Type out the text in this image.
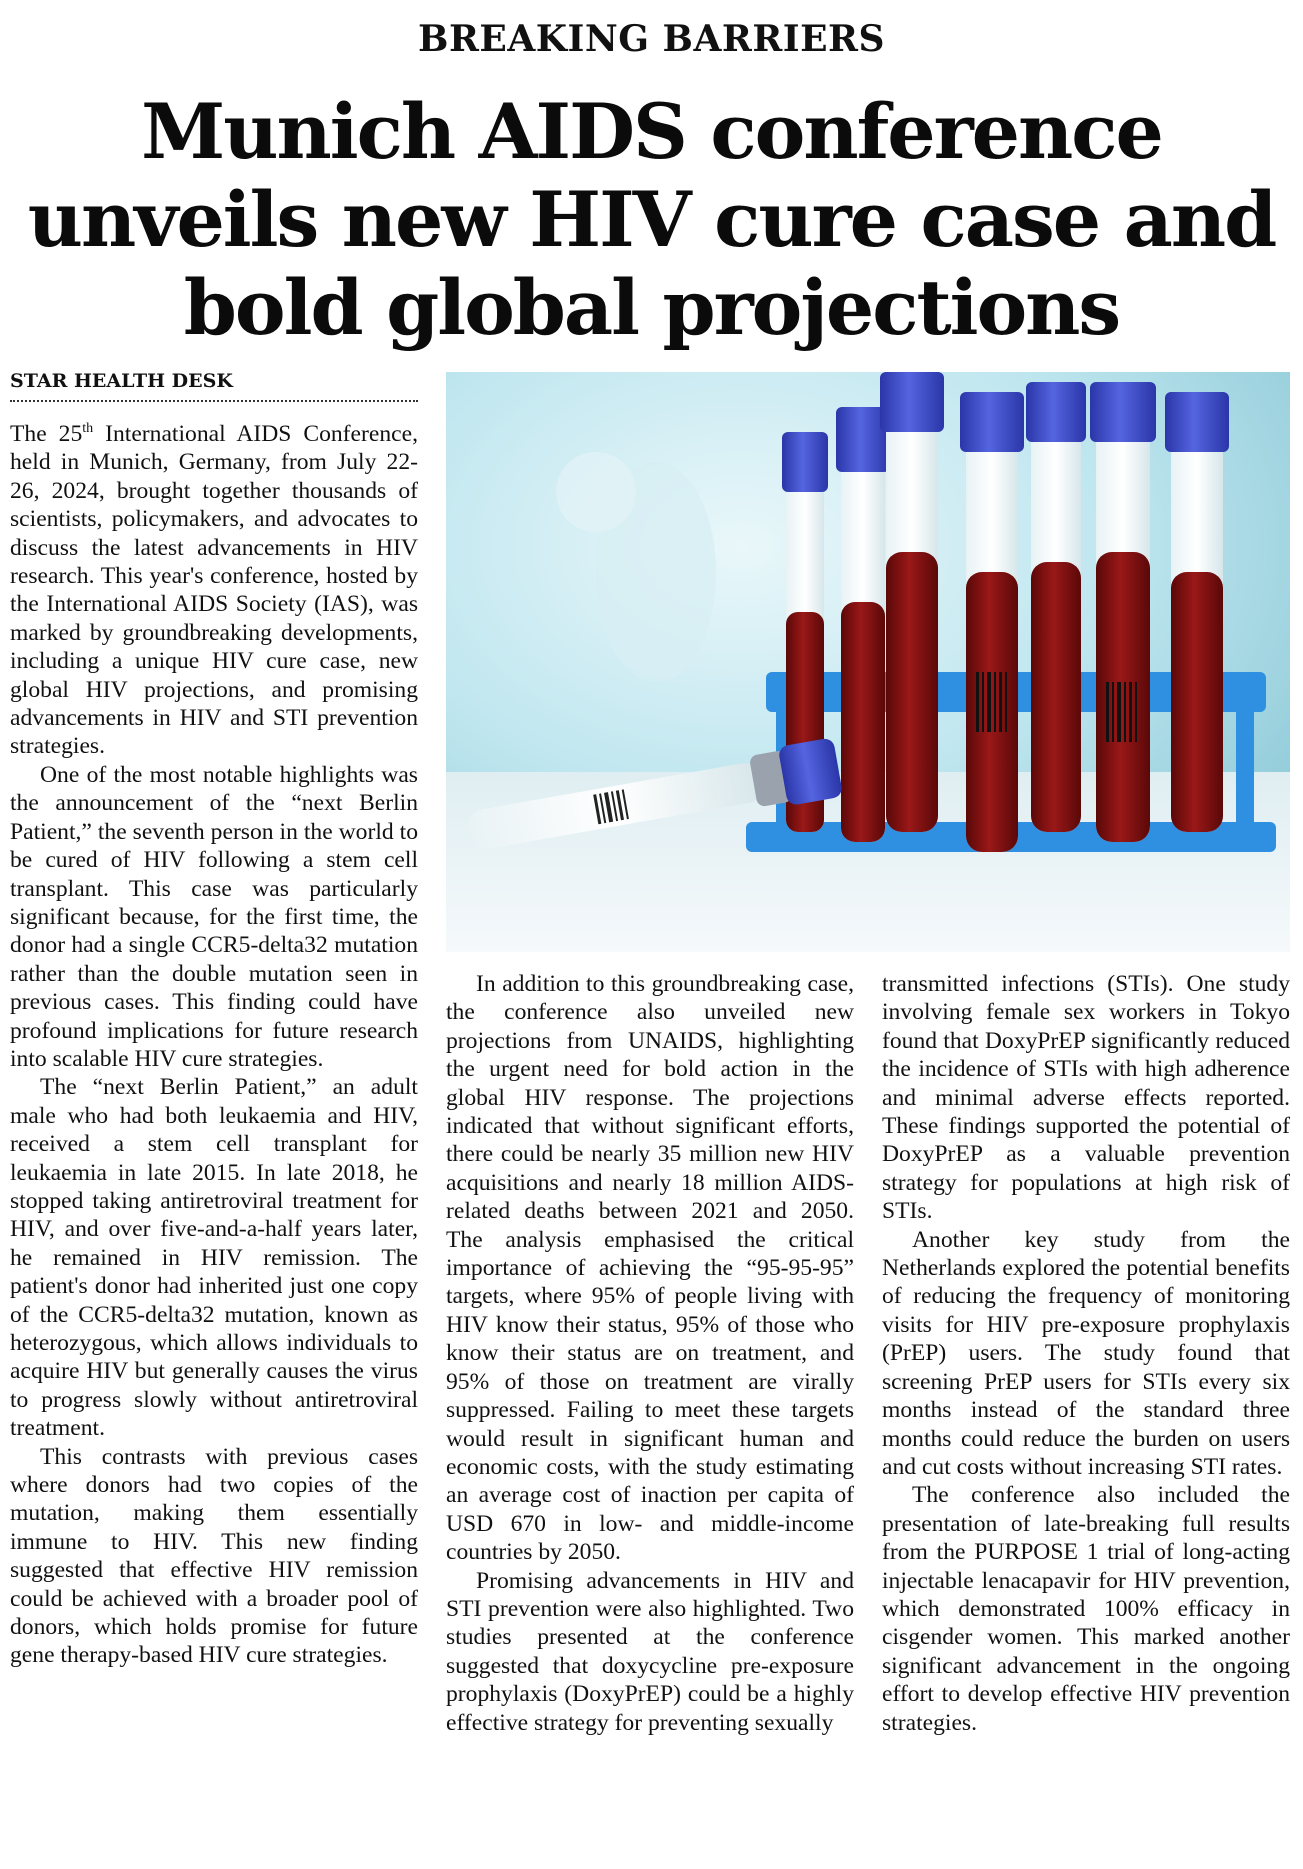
BREAKING BARRIERS
Munich AIDS conference unveils new HIV cure case and bold global projections
STAR HEALTH DESK

The 25th International AIDS Conference, held in Munich, Germany, from July 22-26, 2024, brought together thousands of scientists, policymakers, and advocates to discuss the latest advancements in HIV research. This year's conference, hosted by the International AIDS Society (IAS), was marked by groundbreaking developments, including a unique HIV cure case, new global HIV projections, and promising advancements in HIV and STI prevention strategies.

One of the most notable highlights was the announcement of the “next Berlin Patient,” the seventh person in the world to be cured of HIV following a stem cell transplant. This case was particularly significant because, for the first time, the donor had a single CCR5-delta32 mutation rather than the double mutation seen in previous cases. This finding could have profound implications for future research into scalable HIV cure strategies.

The “next Berlin Patient,” an adult male who had both leukaemia and HIV, received a stem cell transplant for leukaemia in late 2015. In late 2018, he stopped taking antiretroviral treatment for HIV, and over five-and-a-half years later, he remained in HIV remission. The patient's donor had inherited just one copy of the CCR5-delta32 mutation, known as heterozygous, which allows individuals to acquire HIV but generally causes the virus to progress slowly without antiretroviral treatment.

This contrasts with previous cases where donors had two copies of the mutation, making them essentially immune to HIV. This new finding suggested that effective HIV remission could be achieved with a broader pool of donors, which holds promise for future gene therapy-based HIV cure strategies.

In addition to this groundbreaking case, the conference also unveiled new projections from UNAIDS, highlighting the urgent need for bold action in the global HIV response. The projections indicated that without significant efforts, there could be nearly 35 million new HIV acquisitions and nearly 18 million AIDS-related deaths between 2021 and 2050. The analysis emphasised the critical importance of achieving the “95-95-95” targets, where 95% of people living with HIV know their status, 95% of those who know their status are on treatment, and 95% of those on treatment are virally suppressed. Failing to meet these targets would result in significant human and economic costs, with the study estimating an average cost of inaction per capita of USD 670 in low- and middle-income countries by 2050.

Promising advancements in HIV and STI prevention were also highlighted. Two studies presented at the conference suggested that doxycycline pre-exposure prophylaxis (DoxyPrEP) could be a highly effective strategy for preventing sexually

transmitted infections (STIs). One study involving female sex workers in Tokyo found that DoxyPrEP significantly reduced the incidence of STIs with high adherence and minimal adverse effects reported. These findings supported the potential of DoxyPrEP as a valuable prevention strategy for populations at high risk of STIs.

Another key study from the Netherlands explored the potential benefits of reducing the frequency of monitoring visits for HIV pre-exposure prophylaxis (PrEP) users. The study found that screening PrEP users for STIs every six months instead of the standard three months could reduce the burden on users and cut costs without increasing STI rates.

The conference also included the presentation of late-breaking full results from the PURPOSE 1 trial of long-acting injectable lenacapavir for HIV prevention, which demonstrated 100% efficacy in cisgender women. This marked another significant advancement in the ongoing effort to develop effective HIV prevention strategies.
